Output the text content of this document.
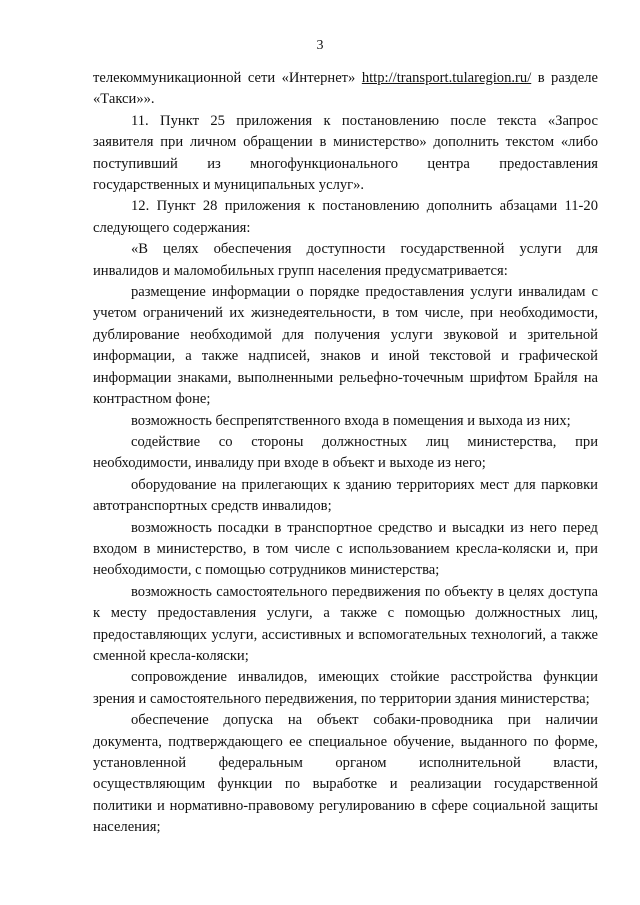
3

телекоммуникационной сети «Интернет» http://transport.tularegion.ru/ в разделе «Такси»».

11. Пункт 25 приложения к постановлению после текста «Запрос заявителя при личном обращении в министерство» дополнить текстом «либо поступивший из многофункционального центра предоставления государственных и муниципальных услуг».

12. Пункт 28 приложения к постановлению дополнить абзацами 11-20 следующего содержания:

«В целях обеспечения доступности государственной услуги для инвалидов и маломобильных групп населения предусматривается:

размещение информации о порядке предоставления услуги инвалидам с учетом ограничений их жизнедеятельности, в том числе, при необходимости, дублирование необходимой для получения услуги звуковой и зрительной информации, а также надписей, знаков и иной текстовой и графической информации знаками, выполненными рельефно-точечным шрифтом Брайля на контрастном фоне;

возможность беспрепятственного входа в помещения и выхода из них;

содействие со стороны должностных лиц министерства, при необходимости, инвалиду при входе в объект и выходе из него;

оборудование на прилегающих к зданию территориях мест для парковки автотранспортных средств инвалидов;

возможность посадки в транспортное средство и высадки из него перед входом в министерство, в том числе с использованием кресла-коляски и, при необходимости, с помощью сотрудников министерства;

возможность самостоятельного передвижения по объекту в целях доступа к месту предоставления услуги, а также с помощью должностных лиц, предоставляющих услуги, ассистивных и вспомогательных технологий, а также сменной кресла-коляски;

сопровождение инвалидов, имеющих стойкие расстройства функции зрения и самостоятельного передвижения, по территории здания министерства;

обеспечение допуска на объект собаки-проводника при наличии документа, подтверждающего ее специальное обучение, выданного по форме, установленной федеральным органом исполнительной власти, осуществляющим функции по выработке и реализации государственной политики и нормативно-правовому регулированию в сфере социальной защиты населения;
